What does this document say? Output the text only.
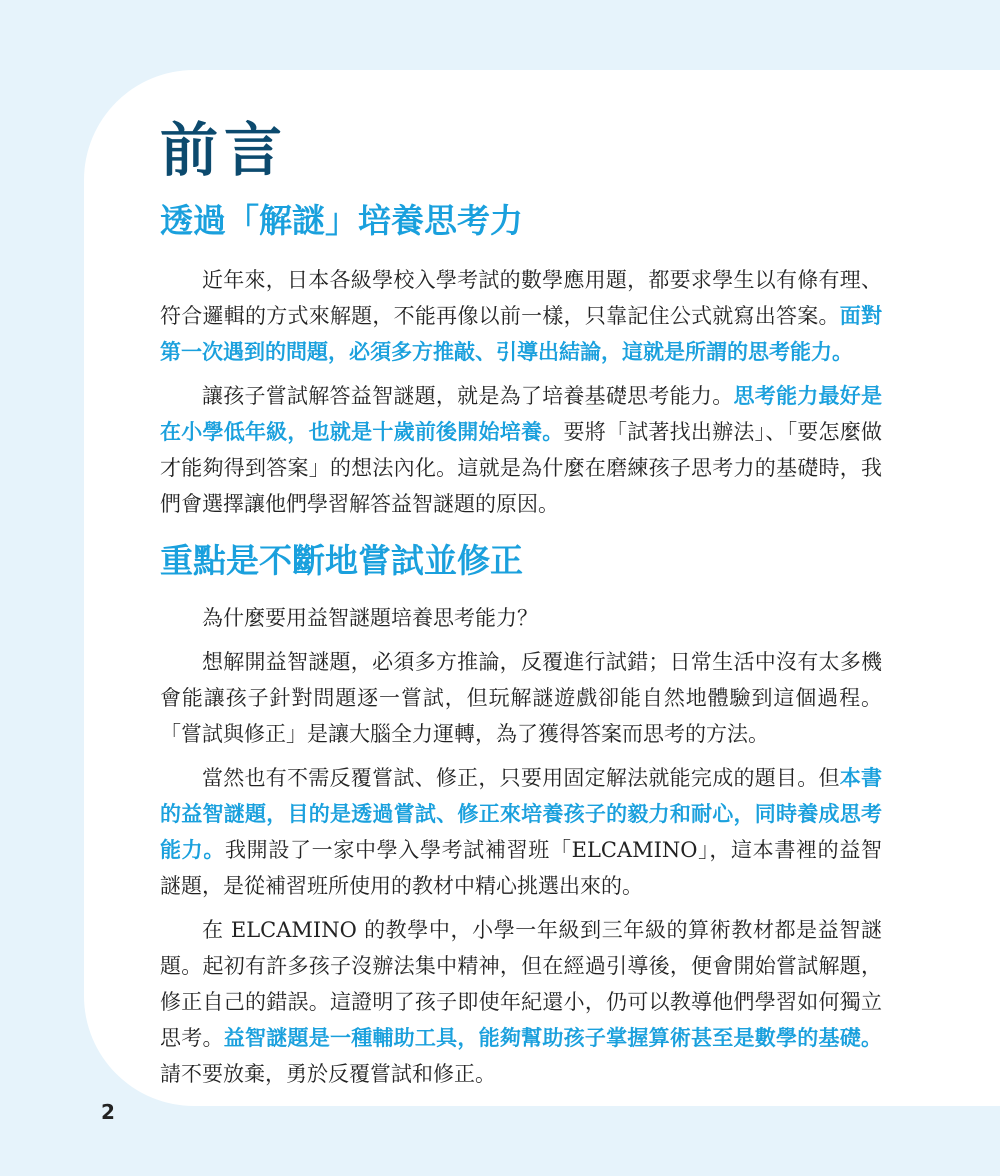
前言
透過「解謎」培養思考力

近年來，日本各級學校入學考試的數學應用題，都要求學生以有條有理、符合邏輯的方式來解題，不能再像以前一樣，只靠記住公式就寫出答案。面對第一次遇到的問題，必須多方推敲、引導出結論，這就是所謂的思考能力。

讓孩子嘗試解答益智謎題，就是為了培養基礎思考能力。思考能力最好是在小學低年級，也就是十歲前後開始培養。要將「試著找出辦法」、「要怎麼做才能夠得到答案」的想法內化。這就是為什麼在磨練孩子思考力的基礎時，我們會選擇讓他們學習解答益智謎題的原因。

重點是不斷地嘗試並修正

為什麼要用益智謎題培養思考能力？

想解開益智謎題，必須多方推論，反覆進行試錯；日常生活中沒有太多機會能讓孩子針對問題逐一嘗試，但玩解謎遊戲卻能自然地體驗到這個過程。「嘗試與修正」是讓大腦全力運轉，為了獲得答案而思考的方法。

當然也有不需反覆嘗試、修正，只要用固定解法就能完成的題目。但本書的益智謎題，目的是透過嘗試、修正來培養孩子的毅力和耐心，同時養成思考能力。我開設了一家中學入學考試補習班「ELCAMINO」，這本書裡的益智謎題，是從補習班所使用的教材中精心挑選出來的。

在 ELCAMINO 的教學中，小學一年級到三年級的算術教材都是益智謎題。起初有許多孩子沒辦法集中精神，但在經過引導後，便會開始嘗試解題，修正自己的錯誤。這證明了孩子即使年紀還小，仍可以教導他們學習如何獨立思考。益智謎題是一種輔助工具，能夠幫助孩子掌握算術甚至是數學的基礎。請不要放棄，勇於反覆嘗試和修正。

2
